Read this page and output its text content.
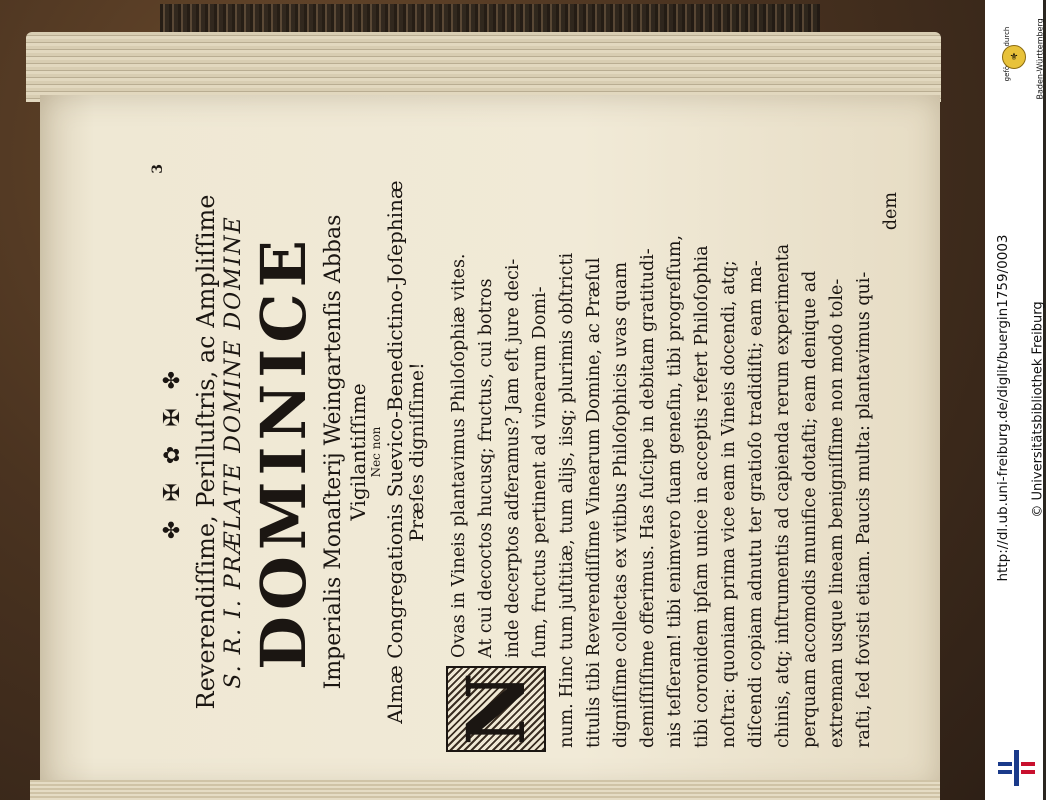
3
✤ ✠ ✿ ✠ ✤ Reverendiſſime, Perilluſtris, ac Ampliſſime S. R. I. PRÆLATE DOMINE DOMINE DOMINICE Imperialis Monaſterij Weingartenſis Abbas Vigilantiſſime Nec non Almæ Congregationis Suevico-Benedictino-Joſephinæ Præſes digniſſime!
N
Ovas in Vineis plantavimus Philoſophiæ vites. At cui decoctos hucusq; fructus, cui botros inde decerptos adferamus? Jam eſt jure deci- ſum, fructus pertinent ad vinearum Domi- num. Hinc tum juſtitiæ, tum alijs, iisq; plurimis obſtricti titulis tibi Reverendiſſime Vinearum Domine, ac Præſul digniſſime collectas ex vitibus Philoſophicis uvas quam demiſſiſſime offerimus. Has ſuſcipe in debitam gratitudi- nis teſſeram! tibi enimvero ſuam geneſin, tibi progreſſum, tibi coronidem ipſam unice in acceptis refert Philoſophia noſtra: quoniam prima vice eam in Vineis docendi, atq; diſcendi copiam adnutu ter gratioſo tradidiſti; eam ma- chinis, atq; inſtrumentis ad capienda rerum experimenta perquam accomodis munifice dotaſti; eam denique ad extremam usque lineam benigniſſime non modo tole- raſti, ſed fovisti etiam. Paucis multa: plantavimus qui-
dem
⚜	Baden-Württemberg
http://dl.ub.uni-freiburg.de/diglit/buergin1759/0003 © Universitätsbibliothek Freiburg
